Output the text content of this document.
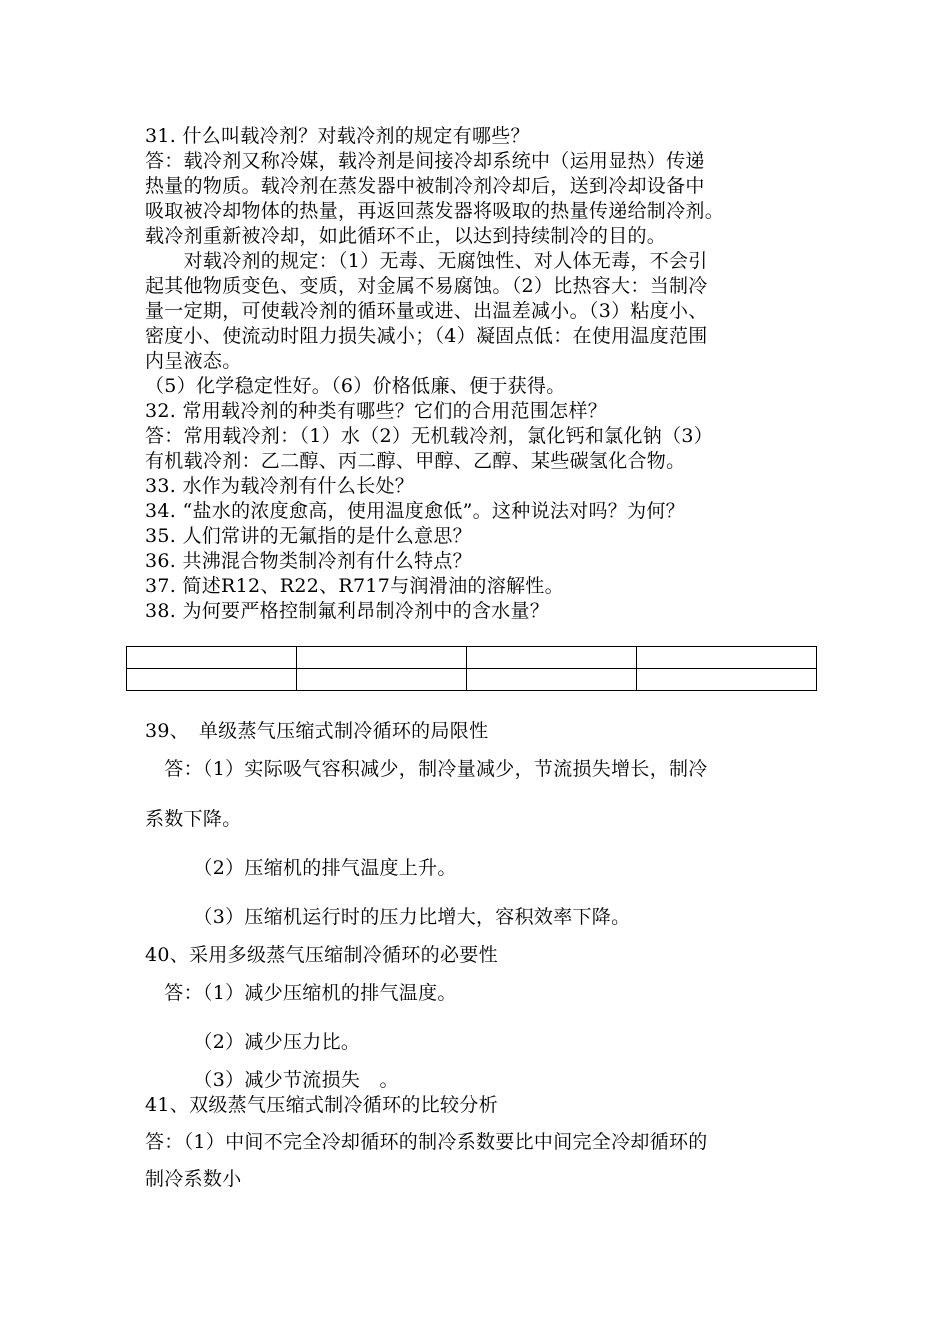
31. 什么叫载冷剂？对载冷剂的规定有哪些？
答：载冷剂又称冷媒，载冷剂是间接冷却系统中（运用显热）传递
热量的物质。载冷剂在蒸发器中被制冷剂冷却后，送到冷却设备中
吸取被冷却物体的热量，再返回蒸发器将吸取的热量传递给制冷剂。
载冷剂重新被冷却，如此循环不止，以达到持续制冷的目的。
　　对载冷剂的规定：（1）无毒、无腐蚀性、对人体无毒，不会引
起其他物质变色、变质，对金属不易腐蚀。（2）比热容大：当制冷
量一定期，可使载冷剂的循环量或进、出温差减小。（3）粘度小、
密度小、使流动时阻力损失减小；（4）凝固点低：在使用温度范围
内呈液态。
（5）化学稳定性好。（6）价格低廉、便于获得。
32. 常用载冷剂的种类有哪些？它们的合用范围怎样？
答：常用载冷剂：（1）水（2）无机载冷剂，氯化钙和氯化钠（3）
有机载冷剂：乙二醇、丙二醇、甲醇、乙醇、某些碳氢化合物。
33. 水作为载冷剂有什么长处？
34. “盐水的浓度愈高，使用温度愈低”。这种说法对吗？为何？
35. 人们常讲的无氟指的是什么意思？
36. 共沸混合物类制冷剂有什么特点？
37. 简述R12、R22、R717与润滑油的溶解性。
38. 为何要严格控制氟利昂制冷剂中的含水量？

39、　单级蒸气压缩式制冷循环的局限性
　答：（1）实际吸气容积减少，制冷量减少，节流损失增长，制冷
系数下降。
　　　（2）压缩机的排气温度上升。
　　　（3）压缩机运行时的压力比增大，容积效率下降。
40、采用多级蒸气压缩制冷循环的必要性
　答：（1）减少压缩机的排气温度。
　　　（2）减少压力比。
　　　（3）减少节流损失　。
41、双级蒸气压缩式制冷循环的比较分析
答：（1）中间不完全冷却循环的制冷系数要比中间完全冷却循环的
制冷系数小
